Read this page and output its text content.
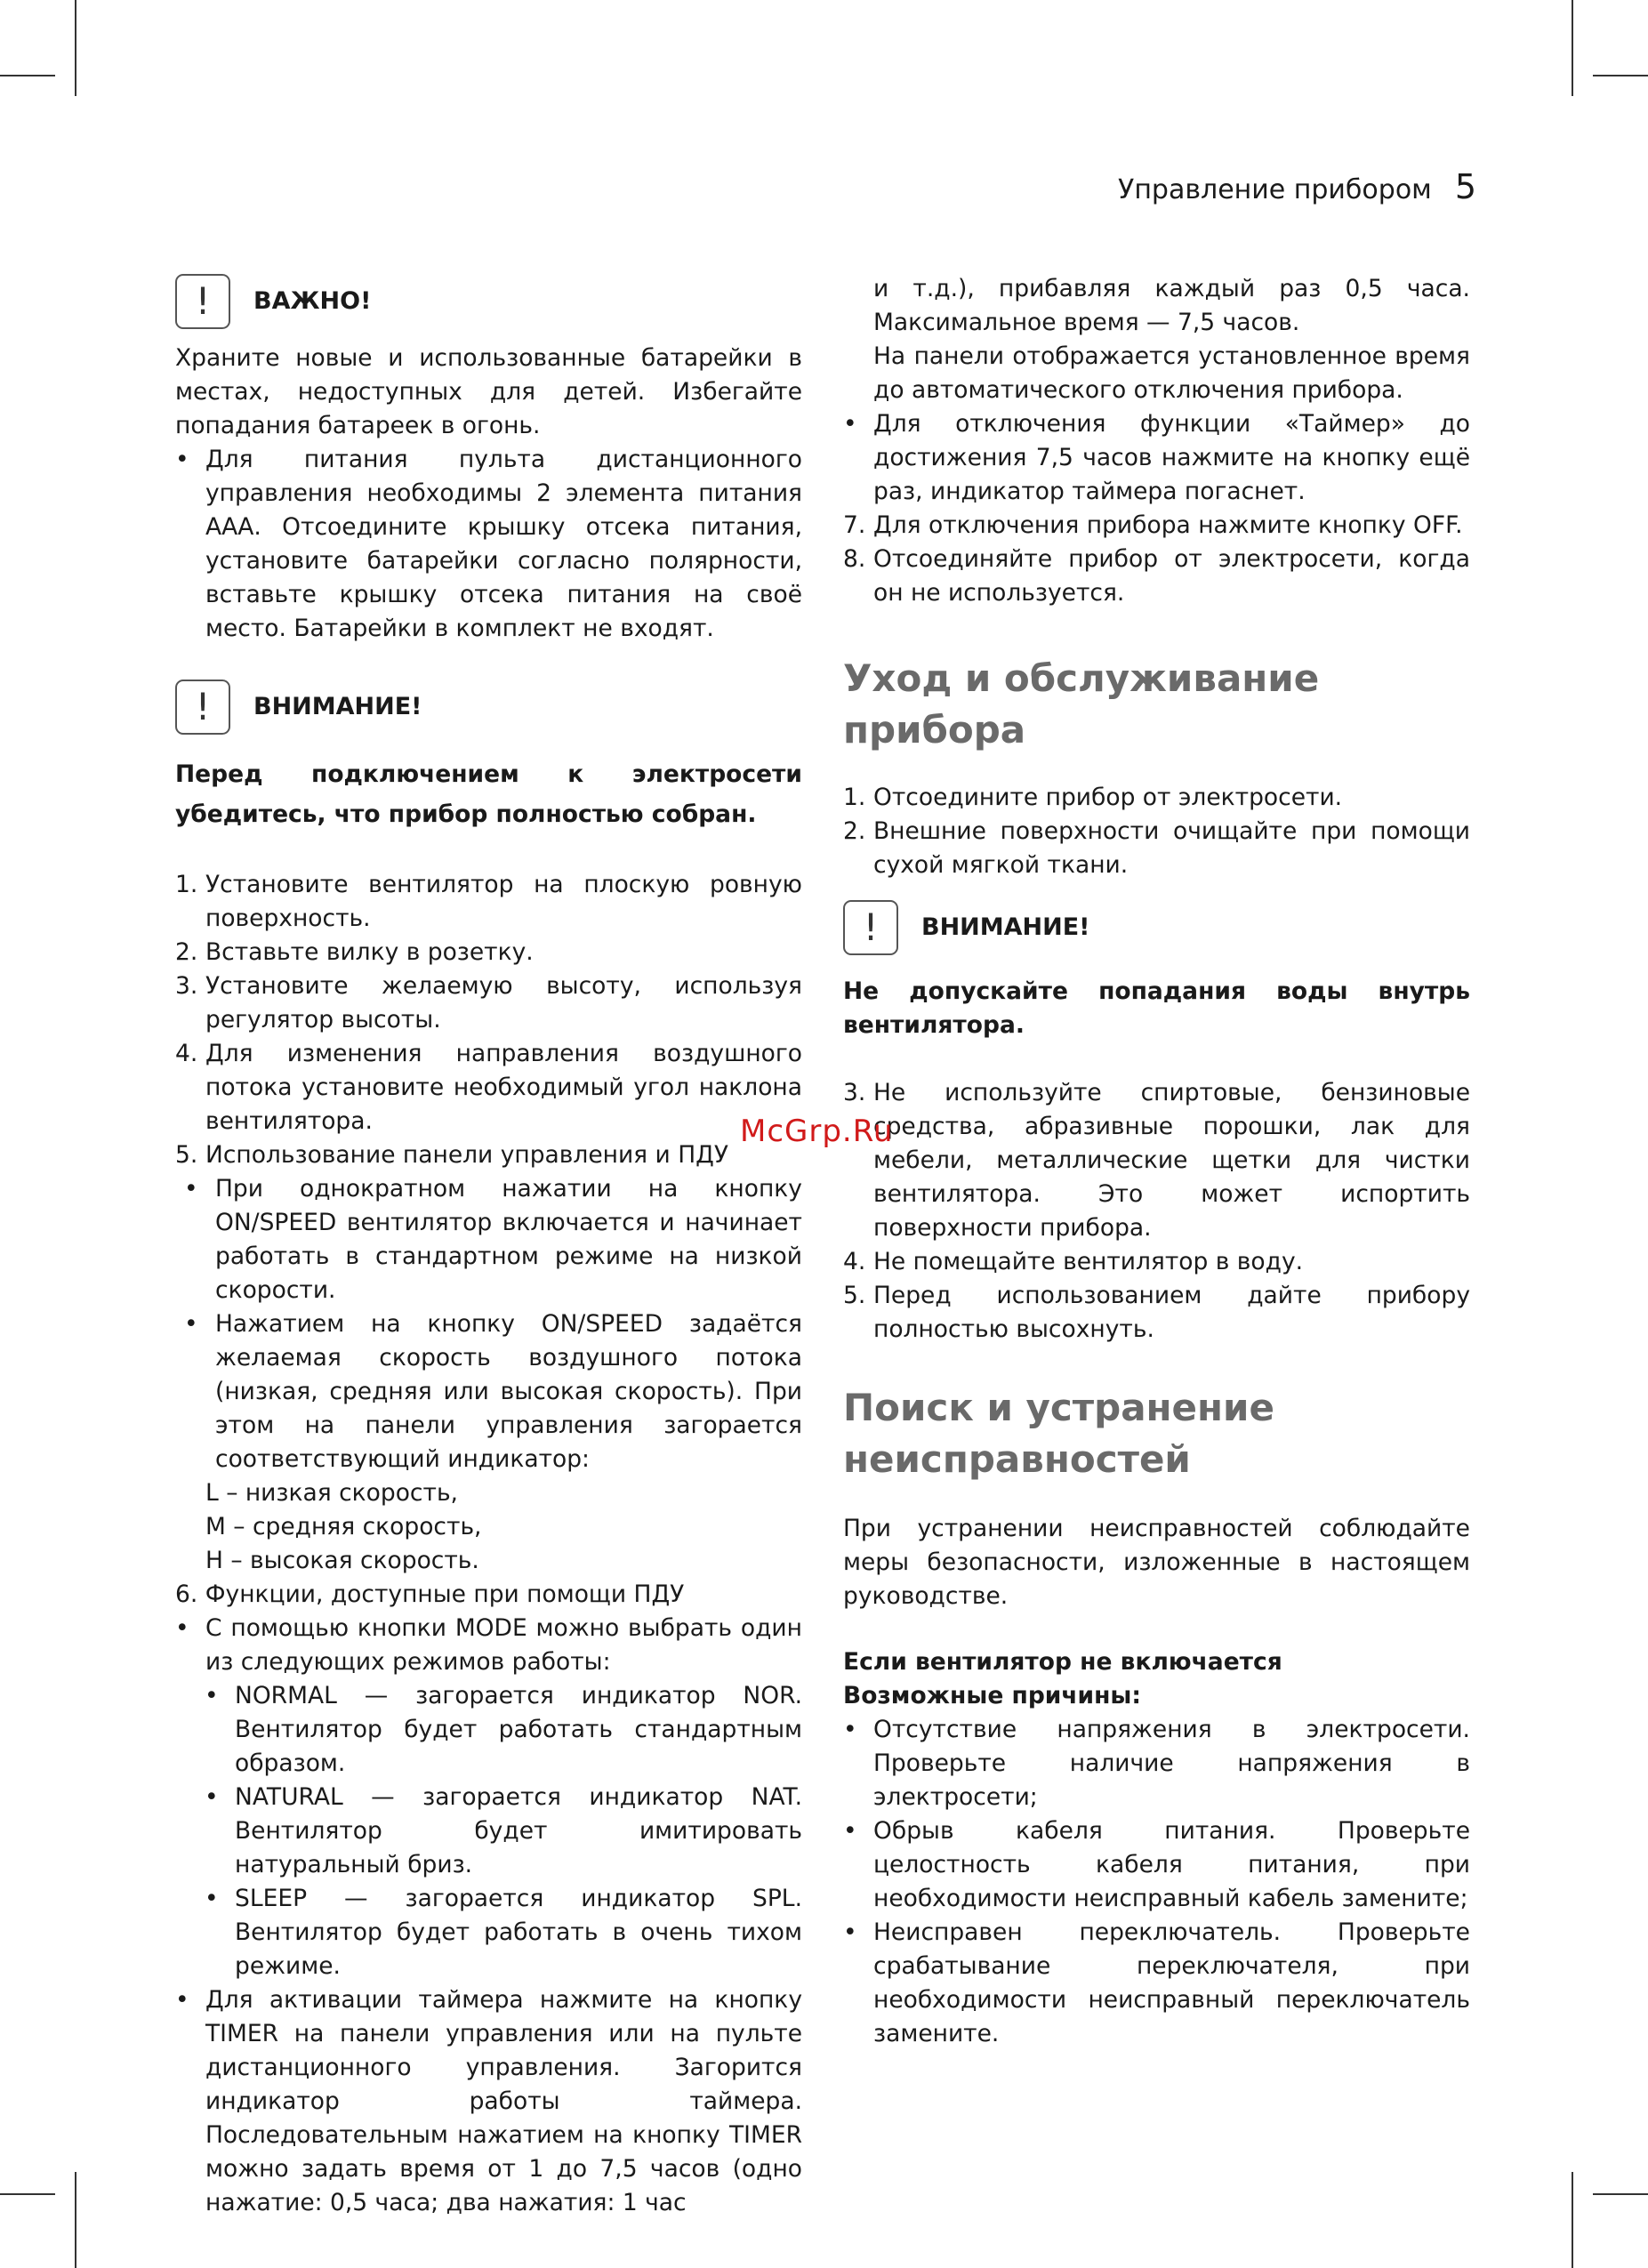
Управление прибором 5
!	ВАЖНО!

Храните новые и использованные батарейки в местах, недоступных для детей. Избегайте попадания батареек в огонь.

• Для питания пульта дистанционного управления необходимы 2 элемента питания ААА. Отсоедините крышку отсека питания, установите батарейки согласно полярности, вставьте крышку отсека питания на своё место. Батарейки в комплект не входят.
!	ВНИМАНИЕ!

Перед подключением к электросети убедитесь, что прибор полностью собран.

1. Установите вентилятор на плоскую ровную поверхность.
2. Вставьте вилку в розетку.
3. Установите желаемую высоту, используя регулятор высоты.
4. Для изменения направления воздушного потока установите необходимый угол наклона вентилятора.
5. Использование панели управления и ПДУ
• При однократном нажатии на кнопку ON/SPEED вентилятор включается и начинает работать в стандартном режиме на низкой скорости.
• Нажатием на кнопку ON/SPEED задаётся желаемая скорость воздушного потока (низкая, средняя или высокая скорость). При этом на панели управления загорается соответствующий индикатор:
L – низкая скорость,
M – средняя скорость,
H – высокая скорость.
6. Функции, доступные при помощи ПДУ
• С помощью кнопки MODE можно выбрать один из следующих режимов работы:
• NORMAL — загорается индикатор NOR. Вентилятор будет работать стандартным образом.
• NATURAL — загорается индикатор NAT. Вентилятор будет имитировать натуральный бриз.
• SLEEP — загорается индикатор SPL. Вентилятор будет работать в очень тихом режиме.
• Для активации таймера нажмите на кнопку TIMER на панели управления или на пульте дистанционного управления. Загорится индикатор работы таймера. Последовательным нажатием на кнопку TIMER можно задать время от 1 до 7,5 часов (одно нажатие: 0,5 часа; два нажатия: 1 час

и т.д.), прибавляя каждый раз 0,5 часа. Максимальное время — 7,5 часов.

На панели отображается установленное время до автоматического отключения прибора.

• Для отключения функции «Таймер» до достижения 7,5 часов нажмите на кнопку ещё раз, индикатор таймера погаснет.
7. Для отключения прибора нажмите кнопку OFF.
8. Отсоединяйте прибор от электросети, когда он не используется.
Уход и обслуживание прибора
1. Отсоедините прибор от электросети.
2. Внешние поверхности очищайте при помощи сухой мягкой ткани.
!	ВНИМАНИЕ!

Не допускайте попадания воды внутрь вентилятора.

3. Не используйте спиртовые, бензиновые средства, абразивные порошки, лак для мебели, металлические щетки для чистки вентилятора. Это может испортить поверхности прибора.
4. Не помещайте вентилятор в воду.
5. Перед использованием дайте прибору полностью высохнуть.
Поиск и устранение
неисправностей

При устранении неисправностей соблюдайте меры безопасности, изложенные в настоящем руководстве.

Если вентилятор не включается
Возможные причины:
• Отсутствие напряжения в электросети. Проверьте наличие напряжения в электросети;
• Обрыв кабеля питания. Проверьте целостность кабеля питания, при необходимости неисправный кабель замените;
• Неисправен переключатель. Проверьте срабатывание переключателя, при необходимости неисправный переключатель замените.
McGrp.Ru
